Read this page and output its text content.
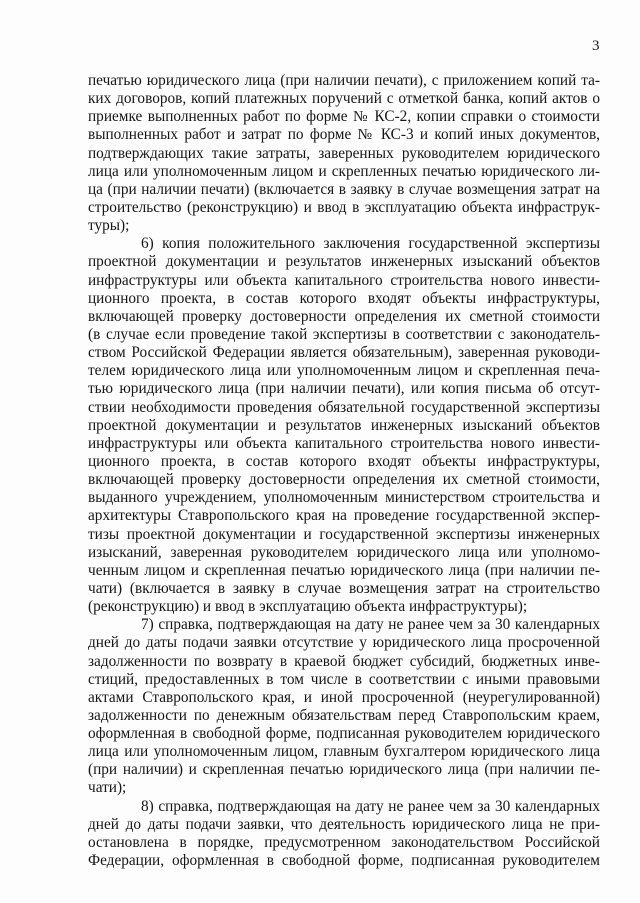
3
печатью юридического лица (при наличии печати), с приложением копий та-
ких договоров, копий платежных поручений с отметкой банка, копий актов о
приемке выполненных работ по форме № КС-2, копии справки о стоимости
выполненных работ и затрат по форме № КС-3 и копий иных документов,
подтверждающих такие затраты, заверенных руководителем юридического
лица или уполномоченным лицом и скрепленных печатью юридического ли-
ца (при наличии печати) (включается в заявку в случае возмещения затрат на
строительство (реконструкцию) и ввод в эксплуатацию объекта инфраструк-
туры);
6) копия положительного заключения государственной экспертизы
проектной документации и результатов инженерных изысканий объектов
инфраструктуры или объекта капитального строительства нового инвести-
ционного проекта, в состав которого входят объекты инфраструктуры,
включающей проверку достоверности определения их сметной стоимости
(в случае если проведение такой экспертизы в соответствии с законодатель-
ством Российской Федерации является обязательным), заверенная руководи-
телем юридического лица или уполномоченным лицом и скрепленная печа-
тью юридического лица (при наличии печати), или копия письма об отсут-
ствии необходимости проведения обязательной государственной экспертизы
проектной документации и результатов инженерных изысканий объектов
инфраструктуры или объекта капитального строительства нового инвести-
ционного проекта, в состав которого входят объекты инфраструктуры,
включающей проверку достоверности определения их сметной стоимости,
выданного учреждением, уполномоченным министерством строительства и
архитектуры Ставропольского края на проведение государственной экспер-
тизы проектной документации и государственной экспертизы инженерных
изысканий, заверенная руководителем юридического лица или уполномо-
ченным лицом и скрепленная печатью юридического лица (при наличии пе-
чати) (включается в заявку в случае возмещения затрат на строительство
(реконструкцию) и ввод в эксплуатацию объекта инфраструктуры);
7) справка, подтверждающая на дату не ранее чем за 30 календарных
дней до даты подачи заявки отсутствие у юридического лица просроченной
задолженности по возврату в краевой бюджет субсидий, бюджетных инве-
стиций, предоставленных в том числе в соответствии с иными правовыми
актами Ставропольского края, и иной просроченной (неурегулированной)
задолженности по денежным обязательствам перед Ставропольским краем,
оформленная в свободной форме, подписанная руководителем юридического
лица или уполномоченным лицом, главным бухгалтером юридического лица
(при наличии) и скрепленная печатью юридического лица (при наличии пе-
чати);
8) справка, подтверждающая на дату не ранее чем за 30 календарных
дней до даты подачи заявки, что деятельность юридического лица не при-
остановлена в порядке, предусмотренном законодательством Российской
Федерации, оформленная в свободной форме, подписанная руководителем
